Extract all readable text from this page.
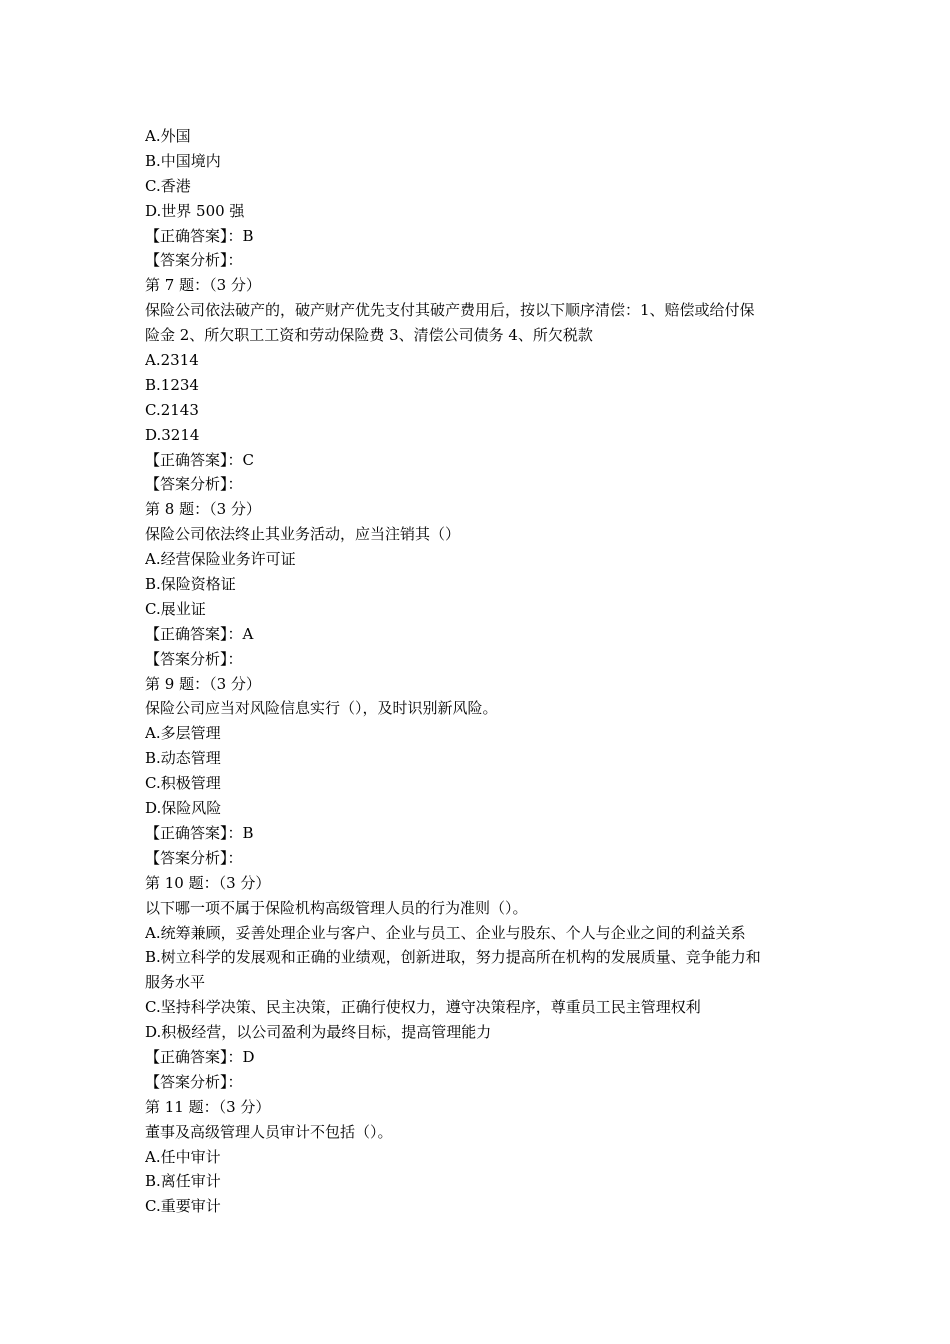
A.外国
B.中国境内
C.香港
D.世界 500 强
【正确答案】：B
【答案分析】：
第 7 题：（3 分）
保险公司依法破产的，破产财产优先支付其破产费用后，按以下顺序清偿：1、赔偿或给付保
险金 2、所欠职工工资和劳动保险费 3、清偿公司债务 4、所欠税款
A.2314
B.1234
C.2143
D.3214
【正确答案】：C
【答案分析】：
第 8 题：（3 分）
保险公司依法终止其业务活动，应当注销其（）
A.经营保险业务许可证
B.保险资格证
C.展业证
【正确答案】：A
【答案分析】：
第 9 题：（3 分）
保险公司应当对风险信息实行（），及时识别新风险。
A.多层管理
B.动态管理
C.积极管理
D.保险风险
【正确答案】：B
【答案分析】：
第 10 题：（3 分）
以下哪一项不属于保险机构高级管理人员的行为准则（）。
A.统筹兼顾，妥善处理企业与客户、企业与员工、企业与股东、个人与企业之间的利益关系
B.树立科学的发展观和正确的业绩观，创新进取，努力提高所在机构的发展质量、竞争能力和
服务水平
C.坚持科学决策、民主决策，正确行使权力，遵守决策程序，尊重员工民主管理权利
D.积极经营，以公司盈利为最终目标，提高管理能力
【正确答案】：D
【答案分析】：
第 11 题：（3 分）
董事及高级管理人员审计不包括（）。
A.任中审计
B.离任审计
C.重要审计
